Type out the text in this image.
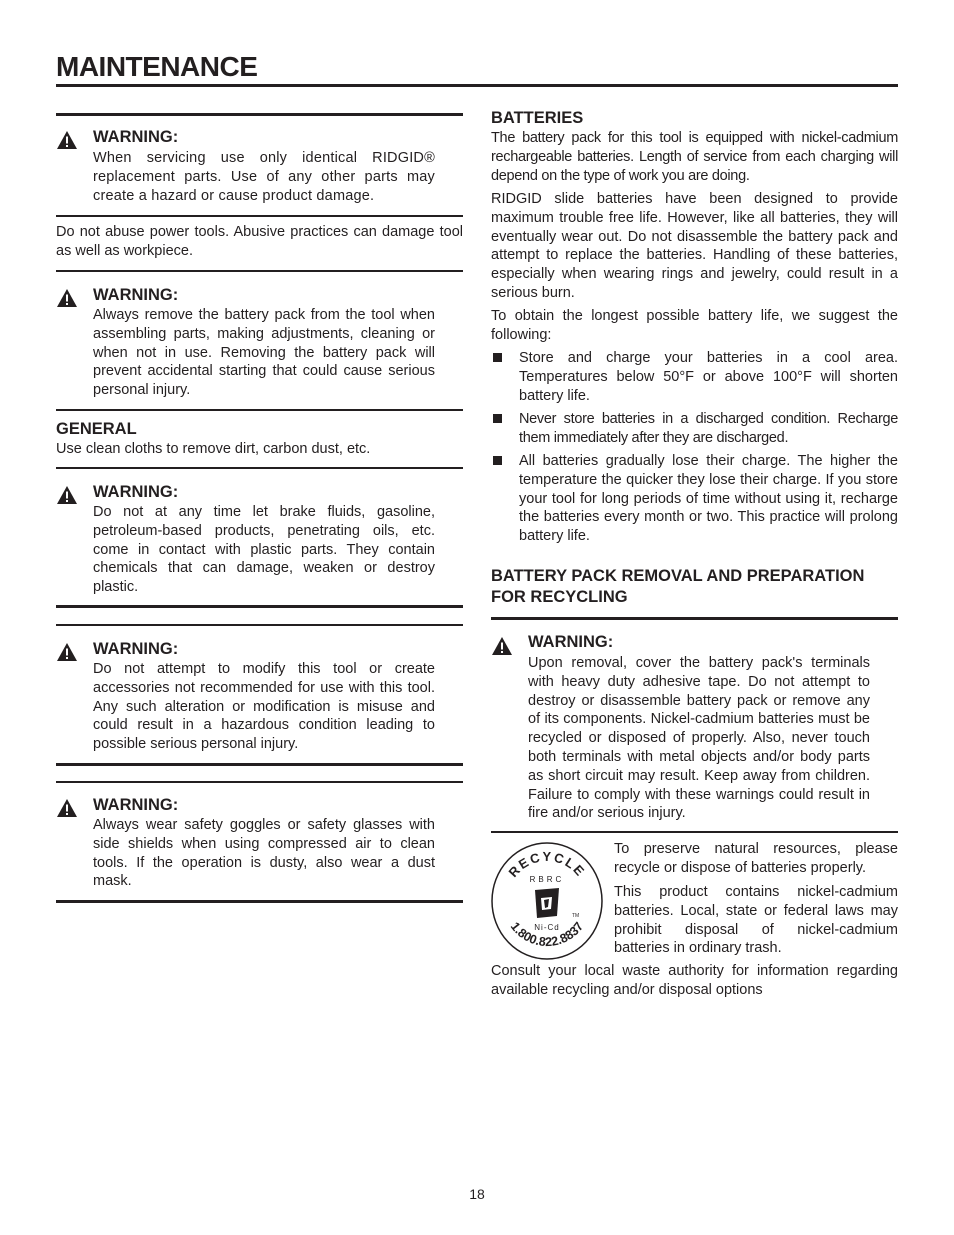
MAINTENANCE
WARNING:

When servicing use only identical RIDGID® replacement parts. Use of any other parts may create a hazard or cause product damage.

Do not abuse power tools. Abusive practices can damage tool as well as workpiece.

WARNING:

Always remove the battery pack from the tool when assembling parts, making adjustments, cleaning or when not in use. Removing the battery pack will prevent accidental starting that could cause serious personal injury.

GENERAL

Use clean cloths to remove dirt, carbon dust, etc.

WARNING:

Do not at any time let brake fluids, gasoline, petroleum-based products, penetrating oils, etc. come in contact with plastic parts. They contain chemicals that can damage, weaken or destroy plastic.

WARNING:

Do not attempt to modify this tool or create accessories not recommended for use with this tool. Any such alteration or modification is misuse and could result in a hazardous condition leading to possible serious personal injury.

WARNING:

Always wear safety goggles or safety glasses with side shields when using compressed air to clean tools. If the operation is dusty, also wear a dust mask.

BATTERIES

The battery pack for this tool is equipped with nickel-cadmium rechargeable batteries. Length of service from each charging will depend on the type of work you are doing.

RIDGID slide batteries have been designed to provide maximum trouble free life. However, like all batteries, they will eventually wear out. Do not disassemble the battery pack and attempt to replace the batteries. Handling of these batteries, especially when wearing rings and jewelry, could result in a serious burn.

To obtain the longest possible battery life, we suggest the following:

Store and charge your batteries in a cool area. Temperatures below 50°F or above 100°F will shorten battery life.

Never store batteries in a discharged condition. Recharge them immediately after they are discharged.

All batteries gradually lose their charge. The higher the temperature the quicker they lose their charge. If you store your tool for long periods of time without using it, recharge the batteries every month or two. This practice will prolong battery life.

BATTERY PACK REMOVAL AND PREPARATION
FOR RECYCLING
WARNING:

Upon removal, cover the battery pack's terminals with heavy duty adhesive tape. Do not attempt to destroy or disassemble battery pack or remove any of its components. Nickel-cadmium batteries must be recycled or disposed of properly. Also, never touch both terminals with metal objects and/or body parts as short circuit may result. Keep away from children. Failure to comply with these warnings could result in fire and/or serious injury.

RECYCLE
RBRC
Ni-Cd
TM
1.800.822.8837

To preserve natural resources, please recycle or dispose of batteries properly.

This product contains nickel-cadmium batteries. Local, state or federal laws may prohibit disposal of nickel-cadmium batteries in ordinary trash.

Consult your local waste authority for information regarding available recycling and/or disposal options

18
